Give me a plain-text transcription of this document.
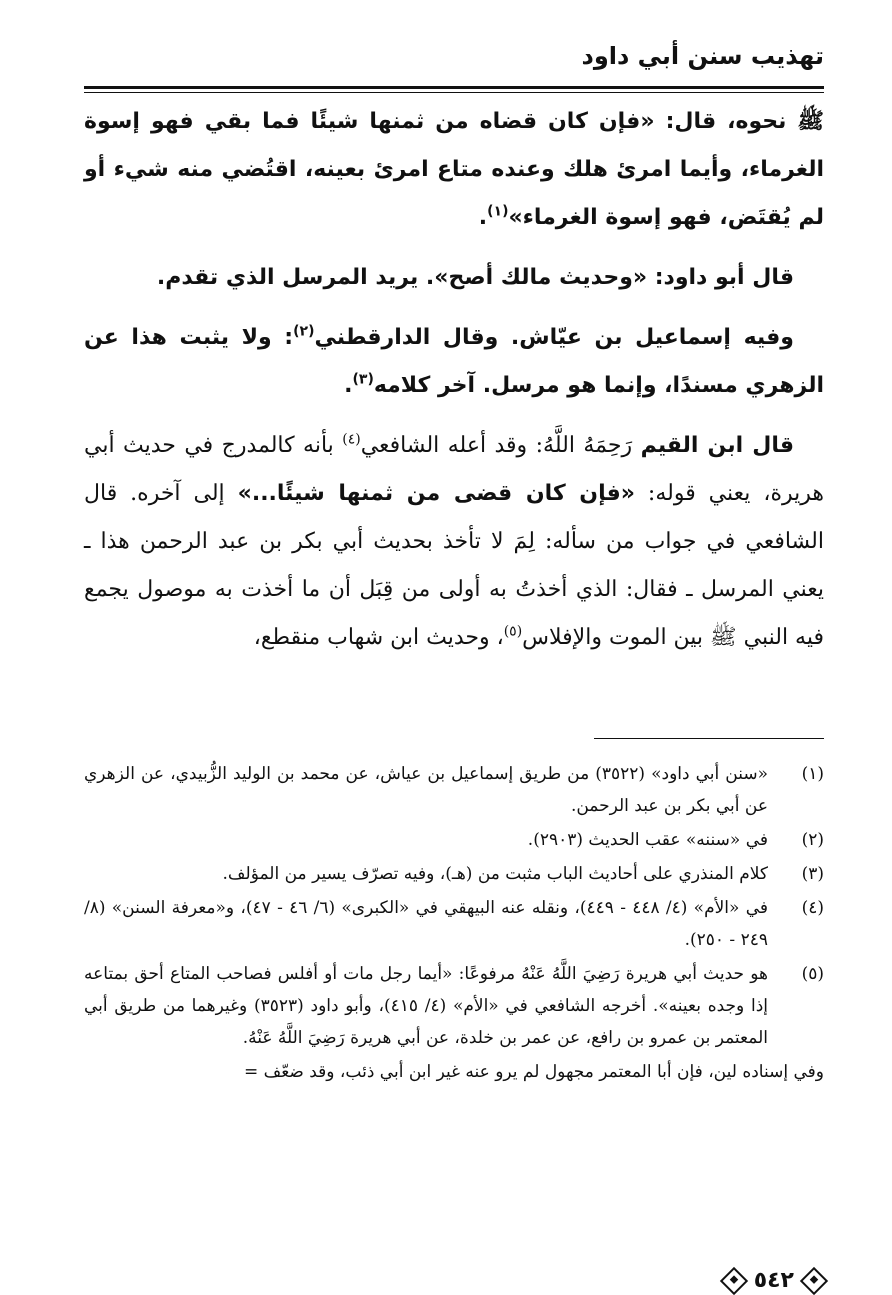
تهذيب سنن أبي داود

ﷺ نحوه، قال: «فإن كان قضاه من ثمنها شيئًا فما بقي فهو إسوة الغرماء، وأيما امرئ هلك وعنده متاع امرئ بعينه، اقتُضي منه شيء أو لم يُقتَض، فهو إسوة الغرماء»$^{(١)}$.

قال أبو داود: «وحديث مالك أصح». يريد المرسل الذي تقدم.

وفيه إسماعيل بن عيّاش. وقال الدارقطني$^{(٢)}$: ولا يثبت هذا عن الزهري مسندًا، وإنما هو مرسل. آخر كلامه$^{(٣)}$.

قال ابن القيم رَحِمَهُ اللَّهُ: وقد أعله الشافعي$^{(٤)}$ بأنه كالمدرج في حديث أبي هريرة، يعني قوله: «فإن كان قضى من ثمنها شيئًا...» إلى آخره. قال الشافعي في جواب من سأله: لِمَ لا تأخذ بحديث أبي بكر بن عبد الرحمن هذا ـ يعني المرسل ـ فقال: الذي أخذتُ به أولى من قِبَل أن ما أخذت به موصول يجمع فيه النبي ﷺ بين الموت والإفلاس$^{(٥)}$، وحديث ابن شهاب منقطع،

(١)
«سنن أبي داود» (٣٥٢٢) من طريق إسماعيل بن عياش، عن محمد بن الوليد الزُّبيدي، عن الزهري عن أبي بكر بن عبد الرحمن.
(٢)
في «سننه» عقب الحديث (٢٩٠٣).
(٣)
كلام المنذري على أحاديث الباب مثبت من (هـ)، وفيه تصرّف يسير من المؤلف.
(٤)
في «الأم» (٤/ ٤٤٨ - ٤٤٩)، ونقله عنه البيهقي في «الكبرى» (٦/ ٤٦ - ٤٧)، و«معرفة السنن» (٨/ ٢٤٩ - ٢٥٠).
(٥)
هو حديث أبي هريرة رَضِيَ اللَّهُ عَنْهُ مرفوعًا: «أيما رجل مات أو أفلس فصاحب المتاع أحق بمتاعه إذا وجده بعينه». أخرجه الشافعي في «الأم» (٤/ ٤١٥)، وأبو داود (٣٥٢٣) وغيرهما من طريق أبي المعتمر بن عمرو بن رافع، عن عمر بن خلدة، عن أبي هريرة رَضِيَ اللَّهُ عَنْهُ.
وفي إسناده لين، فإن أبا المعتمر مجهول لم يرو عنه غير ابن أبي ذئب، وقد ضعّف =
٥٤٢
